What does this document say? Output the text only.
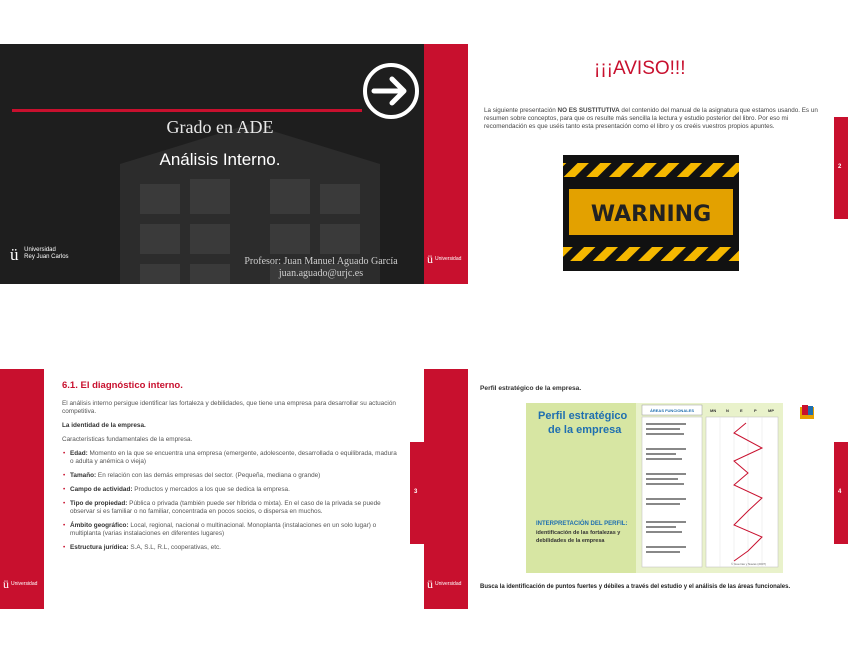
Grado en ADE
Análisis Interno.
ü Universidad
Rey Juan Carlos	Profesor: Juan Manuel Aguado García
juan.aguado@urjc.es
ü Universidad
2
¡¡¡AVISO!!!
La siguiente presentación NO ES SUSTITUTIVA del contenido del manual de la asignatura que estamos usando. Es un resumen sobre conceptos, para que os resulte más sencilla la lectura y estudio posterior del libro. Por eso mi recomendación es que uséis tanto esta presentación como el libro y os creéis vuestros propios apuntes.
WARNING
ü Universidad
3
6.1. El diagnóstico interno.

El análisis interno persigue identificar las fortaleza y debilidades, que tiene una empresa para desarrollar su actuación competitiva.

La identidad de la empresa.

Características fundamentales de la empresa.

• Edad: Momento en la que se encuentra una empresa (emergente, adolescente, desarrollada o equilibrada, madura o adulta y anémica o vieja)
• Tamaño: En relación con las demás empresas del sector. (Pequeña, mediana o grande)
• Campo de actividad: Productos y mercados a los que se dedica la empresa.
• Tipo de propiedad: Pública o privada (también puede ser híbrida o mixta). En el caso de la privada se puede observar si es familiar o no familiar, concentrada en pocos socios, o dispersa en muchos.
• Ámbito geográfico: Local, regional, nacional o multinacional. Monoplanta (instalaciones en un solo lugar) o multiplanta (varias instalaciones en diferentes lugares)
• Estructura jurídica: S.A, S.L, R.L, cooperativas, etc.
ü Universidad
4
Perfil estratégico de la empresa.
Perfil estratégico
de la empresa
INTERPRETACIÓN DEL PERFIL:
identificación de las fortalezas y
debilidades de la empresa
ÁREAS FUNCIONALES	MN N	E	P	MP
© Guerras y Navas (2007)
Busca la identificación de puntos fuertes y débiles a través del estudio y el análisis de las áreas funcionales.
